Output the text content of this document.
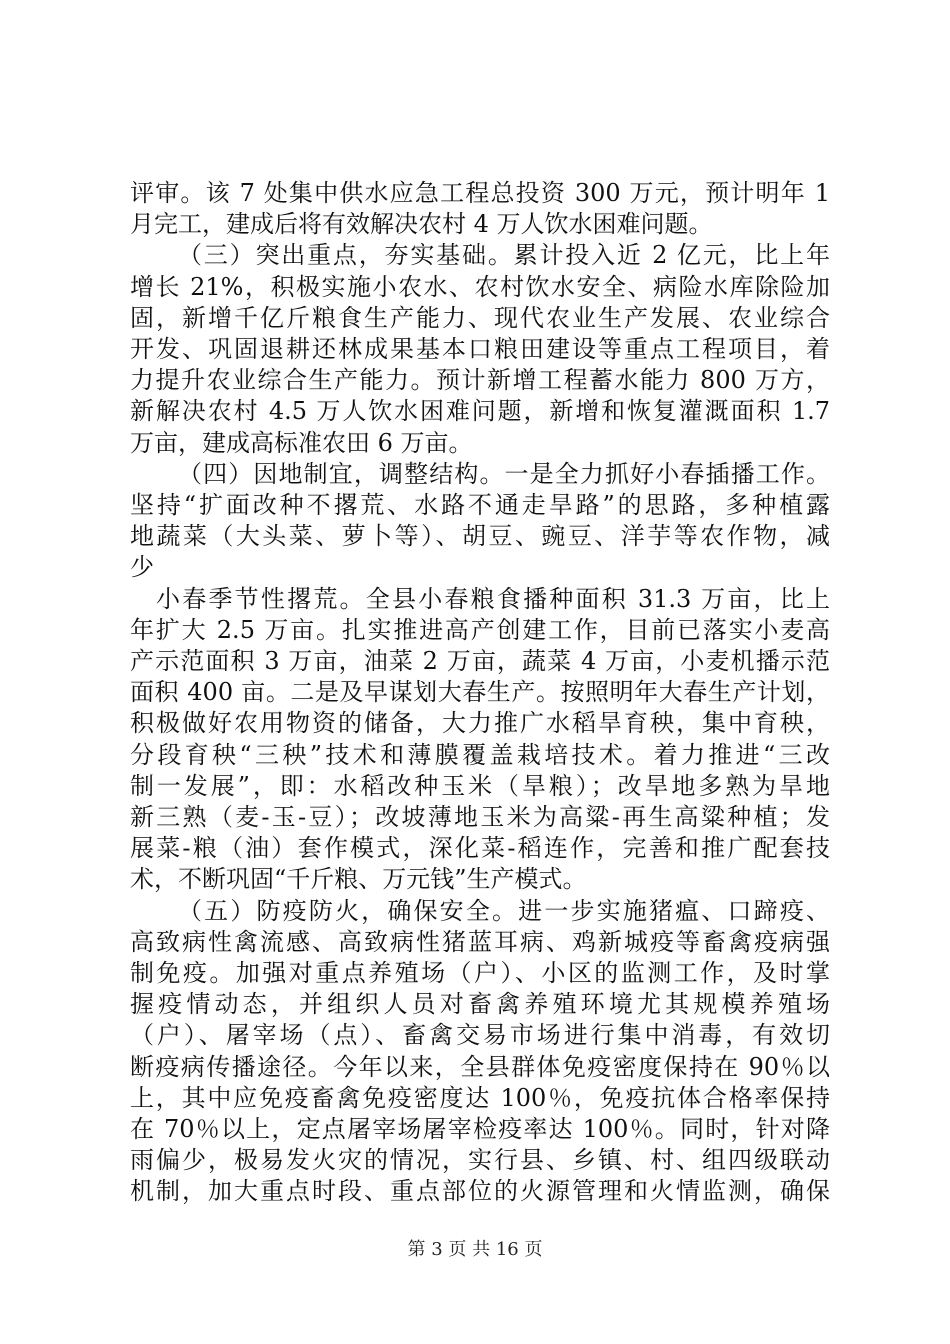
评审。该 7 处集中供水应急工程总投资 300 万元，预计明年 1
月完工，建成后将有效解决农村 4 万人饮水困难问题。
（三）突出重点，夯实基础。累计投入近 2 亿元，比上年
增长 21%，积极实施小农水、农村饮水安全、病险水库除险加
固，新增千亿斤粮食生产能力、现代农业生产发展、农业综合
开发、巩固退耕还林成果基本口粮田建设等重点工程项目，着
力提升农业综合生产能力。预计新增工程蓄水能力 800 万方，
新解决农村 4.5 万人饮水困难问题，新增和恢复灌溉面积 1.7
万亩，建成高标准农田 6 万亩。
（四）因地制宜，调整结构。一是全力抓好小春插播工作。
坚持“扩面改种不撂荒、水路不通走旱路”的思路，多种植露
地蔬菜（大头菜、萝卜等）、胡豆、豌豆、洋芋等农作物，减
少
小春季节性撂荒。全县小春粮食播种面积 31.3 万亩，比上
年扩大 2.5 万亩。扎实推进高产创建工作，目前已落实小麦高
产示范面积 3 万亩，油菜 2 万亩，蔬菜 4 万亩，小麦机播示范
面积 400 亩。二是及早谋划大春生产。按照明年大春生产计划，
积极做好农用物资的储备，大力推广水稻旱育秧，集中育秧，
分段育秧“三秧”技术和薄膜覆盖栽培技术。着力推进“三改
制一发展”，即：水稻改种玉米（旱粮）；改旱地多熟为旱地
新三熟（麦-玉-豆）；改坡薄地玉米为高粱-再生高粱种植；发
展菜-粮（油）套作模式，深化菜-稻连作，完善和推广配套技
术，不断巩固“千斤粮、万元钱”生产模式。
（五）防疫防火，确保安全。进一步实施猪瘟、口蹄疫、
高致病性禽流感、高致病性猪蓝耳病、鸡新城疫等畜禽疫病强
制免疫。加强对重点养殖场（户）、小区的监测工作，及时掌
握疫情动态，并组织人员对畜禽养殖环境尤其规模养殖场
（户）、屠宰场（点）、畜禽交易市场进行集中消毒，有效切
断疫病传播途径。今年以来，全县群体免疫密度保持在 90％以
上，其中应免疫畜禽免疫密度达 100％，免疫抗体合格率保持
在 70％以上，定点屠宰场屠宰检疫率达 100％。同时，针对降
雨偏少，极易发火灾的情况，实行县、乡镇、村、组四级联动
机制，加大重点时段、重点部位的火源管理和火情监测，确保
第 3 页 共 16 页
